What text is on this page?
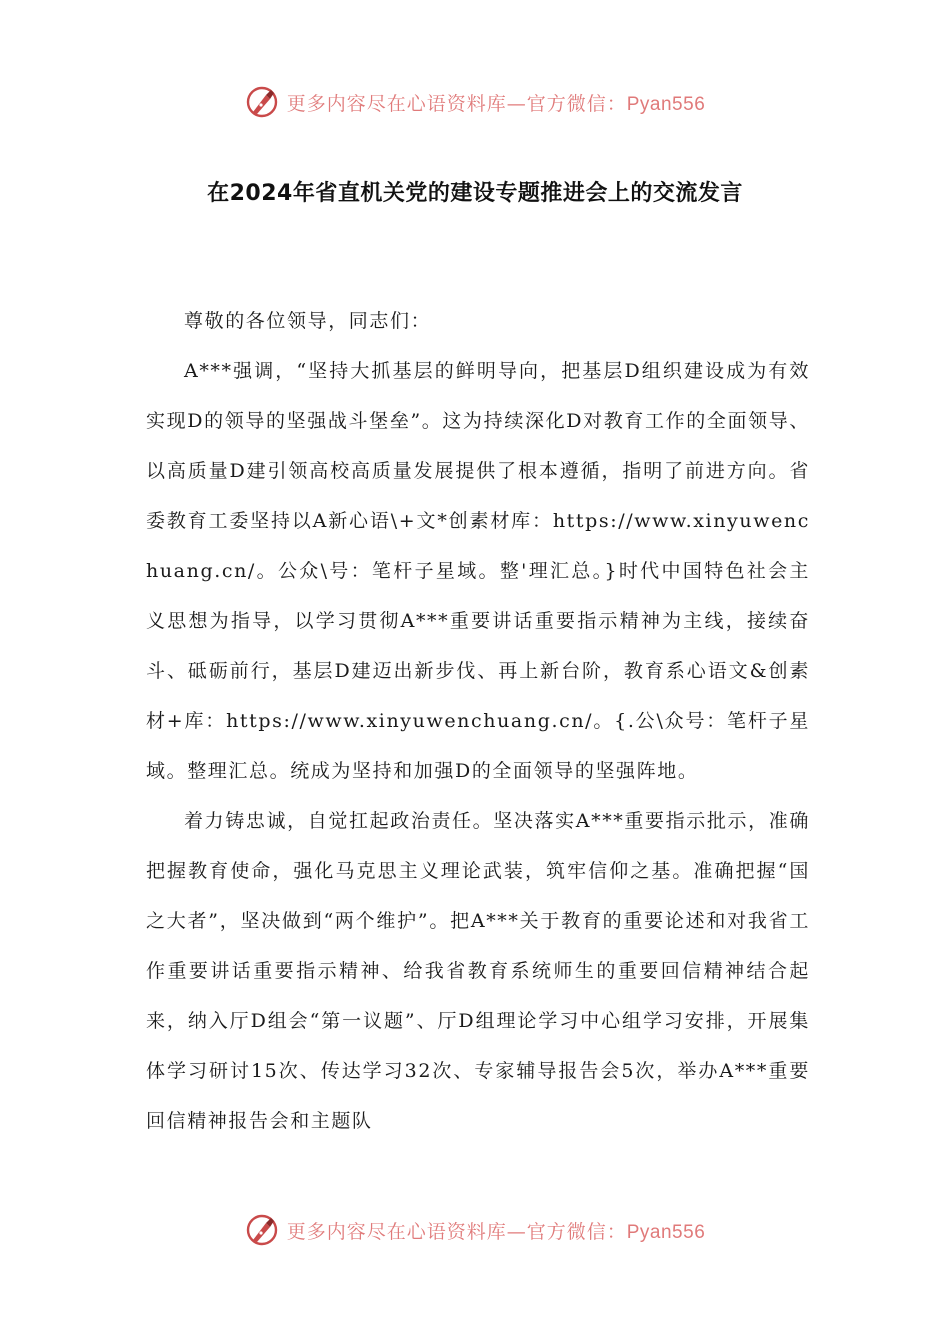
更多内容尽在心语资料库—官方微信：Pyan556
在2024年省直机关党的建设专题推进会上的交流发言

尊敬的各位领导，同志们：

A***强调，“坚持大抓基层的鲜明导向，把基层D组织建设成为有效实现D的领导的坚强战斗堡垒”。这为持续深化D对教育工作的全面领导、以高质量D建引领高校高质量发展提供了根本遵循，指明了前进方向。省委教育工委坚持以A新心语\+文*创素材库：https://www.xinyuwenchuang.cn/。公众\号：笔杆子星域。整'理汇总。}时代中国特色社会主义思想为指导，以学习贯彻A***重要讲话重要指示精神为主线，接续奋斗、砥砺前行，基层D建迈出新步伐、再上新台阶，教育系心语文&创素材+库：https://www.xinyuwenchuang.cn/。{.公\众号：笔杆子星域。整理汇总。统成为坚持和加强D的全面领导的坚强阵地。

着力铸忠诚，自觉扛起政治责任。坚决落实A***重要指示批示，准确把握教育使命，强化马克思主义理论武装，筑牢信仰之基。准确把握“国之大者”，坚决做到“两个维护”。把A***关于教育的重要论述和对我省工作重要讲话重要指示精神、给我省教育系统师生的重要回信精神结合起来，纳入厅D组会“第一议题”、厅D组理论学习中心组学习安排，开展集体学习研讨15次、传达学习32次、专家辅导报告会5次，举办A***重要回信精神报告会和主题队

更多内容尽在心语资料库—官方微信：Pyan556
